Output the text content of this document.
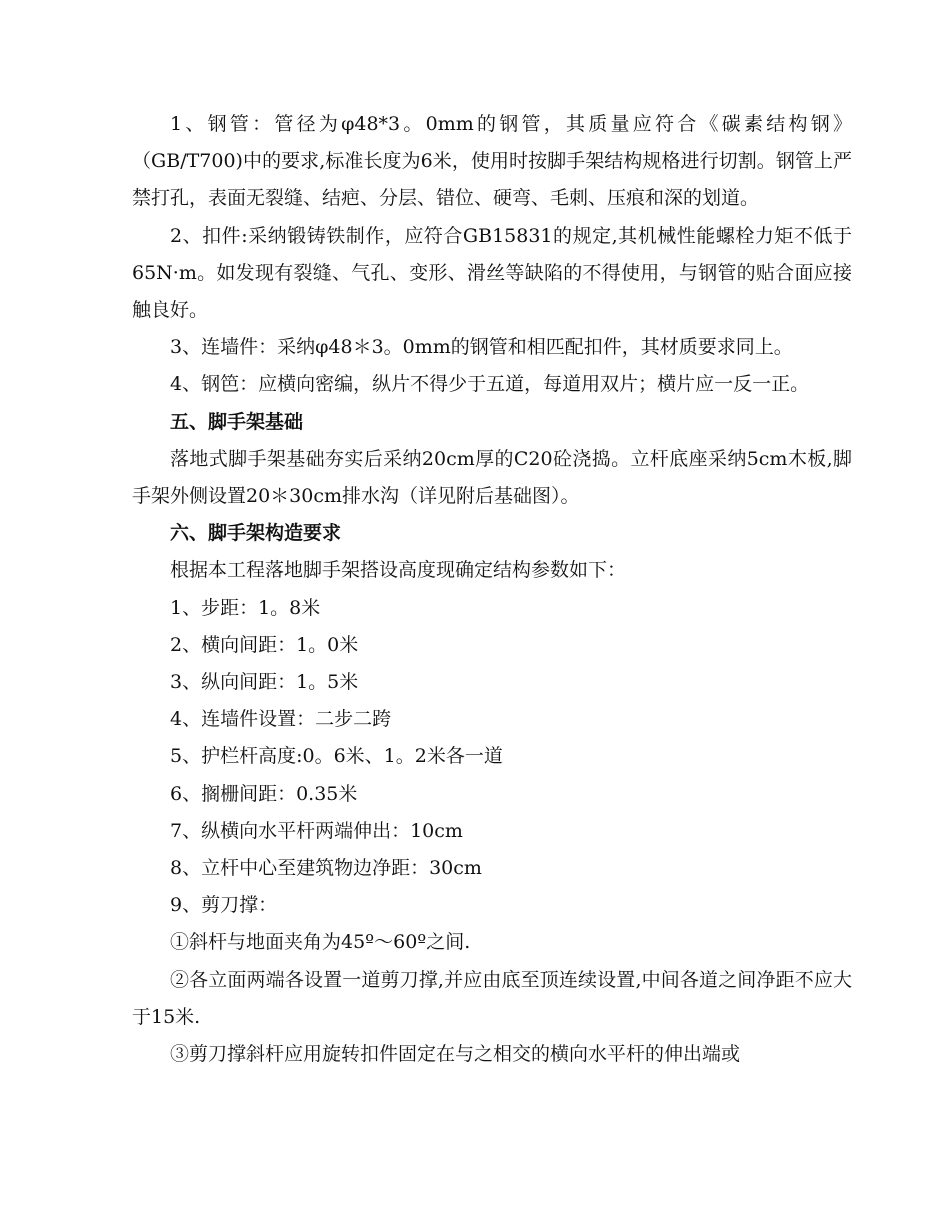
1、钢管：管径为φ48*3。0mm的钢管，其质量应符合《碳素结构钢》（GB/T700)中的要求,标准长度为6米，使用时按脚手架结构规格进行切割。钢管上严禁打孔，表面无裂缝、结疤、分层、错位、硬弯、毛刺、压痕和深的划道。

2、扣件:采纳锻铸铁制作，应符合GB15831的规定,其机械性能螺栓力矩不低于65N·m。如发现有裂缝、气孔、变形、滑丝等缺陷的不得使用，与钢管的贴合面应接触良好。

3、连墙件：采纳φ48＊3。0mm的钢管和相匹配扣件，其材质要求同上。

4、钢笆：应横向密编，纵片不得少于五道，每道用双片；横片应一反一正。

五、脚手架基础

落地式脚手架基础夯实后采纳20cm厚的C20砼浇捣。立杆底座采纳5cm木板,脚手架外侧设置20＊30cm排水沟（详见附后基础图）。

六、脚手架构造要求

根据本工程落地脚手架搭设高度现确定结构参数如下：

1、步距：1。8米

2、横向间距：1。0米

3、纵向间距：1。5米

4、连墙件设置：二步二跨

5、护栏杆高度:0。6米、1。2米各一道

6、搁栅间距：0.35米

7、纵横向水平杆两端伸出：10cm

8、立杆中心至建筑物边净距：30cm

9、剪刀撑：

①斜杆与地面夹角为45º～60º之间.

②各立面两端各设置一道剪刀撑,并应由底至顶连续设置,中间各道之间净距不应大于15米.

③剪刀撑斜杆应用旋转扣件固定在与之相交的横向水平杆的伸出端或
